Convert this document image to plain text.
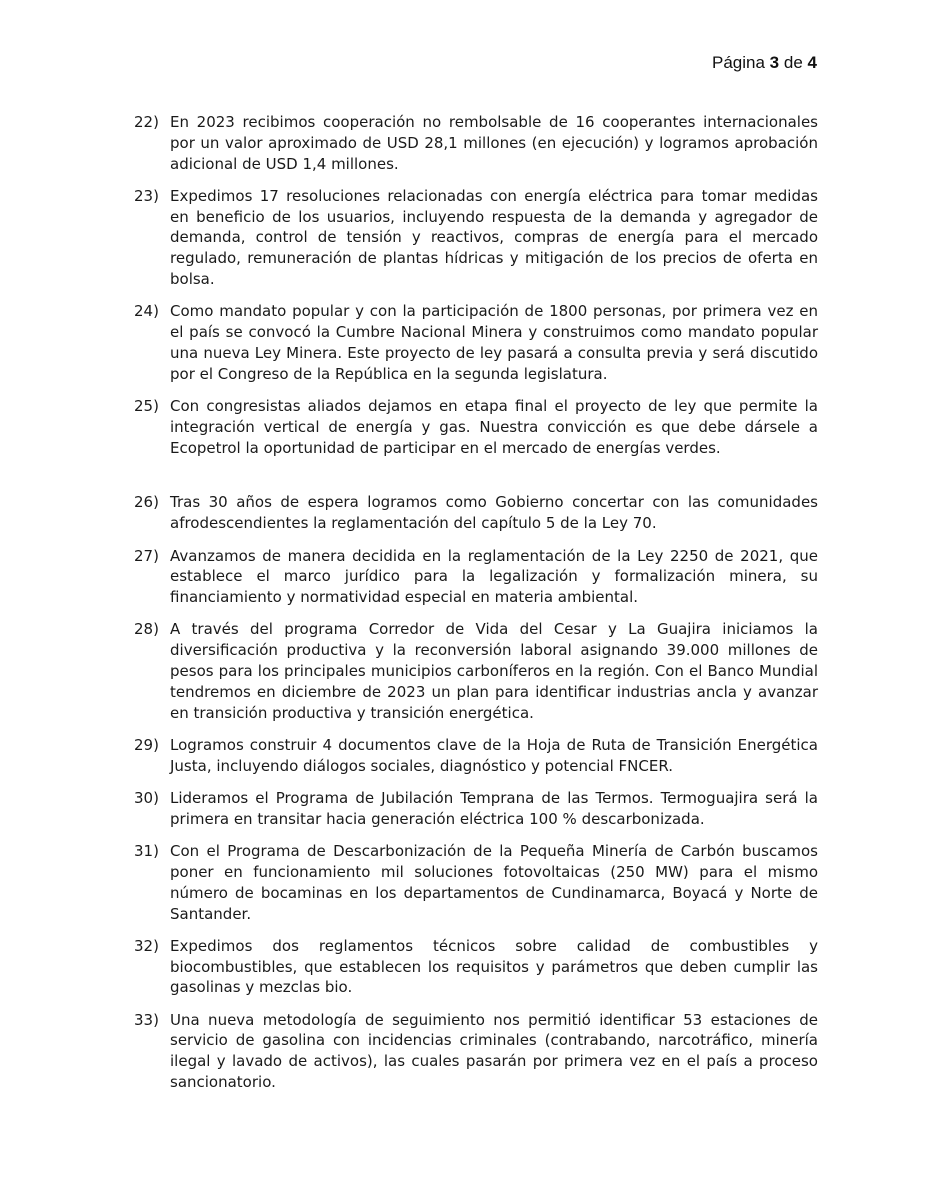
Página 3 de 4
22) En 2023 recibimos cooperación no rembolsable de 16 cooperantes internacionales por un valor aproximado de USD 28,1 millones (en ejecución) y logramos aprobación adicional de USD 1,4 millones.
23) Expedimos 17 resoluciones relacionadas con energía eléctrica para tomar medidas en beneficio de los usuarios, incluyendo respuesta de la demanda y agregador de demanda, control de tensión y reactivos, compras de energía para el mercado regulado, remuneración de plantas hídricas y mitigación de los precios de oferta en bolsa.
24) Como mandato popular y con la participación de 1800 personas, por primera vez en el país se convocó la Cumbre Nacional Minera y construimos como mandato popular una nueva Ley Minera. Este proyecto de ley pasará a consulta previa y será discutido por el Congreso de la República en la segunda legislatura.
25) Con congresistas aliados dejamos en etapa final el proyecto de ley que permite la integración vertical de energía y gas. Nuestra convicción es que debe dársele a Ecopetrol la oportunidad de participar en el mercado de energías verdes.
26) Tras 30 años de espera logramos como Gobierno concertar con las comunidades afrodescendientes la reglamentación del capítulo 5 de la Ley 70.
27) Avanzamos de manera decidida en la reglamentación de la Ley 2250 de 2021, que establece el marco jurídico para la legalización y formalización minera, su financiamiento y normatividad especial en materia ambiental.
28) A través del programa Corredor de Vida del Cesar y La Guajira iniciamos la diversificación productiva y la reconversión laboral asignando 39.000 millones de pesos para los principales municipios carboníferos en la región. Con el Banco Mundial tendremos en diciembre de 2023 un plan para identificar industrias ancla y avanzar en transición productiva y transición energética.
29) Logramos construir 4 documentos clave de la Hoja de Ruta de Transición Energética Justa, incluyendo diálogos sociales, diagnóstico y potencial FNCER.
30) Lideramos el Programa de Jubilación Temprana de las Termos. Termoguajira será la primera en transitar hacia generación eléctrica 100 % descarbonizada.
31) Con el Programa de Descarbonización de la Pequeña Minería de Carbón buscamos poner en funcionamiento mil soluciones fotovoltaicas (250 MW) para el mismo número de bocaminas en los departamentos de Cundinamarca, Boyacá y Norte de Santander.
32) Expedimos dos reglamentos técnicos sobre calidad de combustibles y biocombustibles, que establecen los requisitos y parámetros que deben cumplir las gasolinas y mezclas bio.
33) Una nueva metodología de seguimiento nos permitió identificar 53 estaciones de servicio de gasolina con incidencias criminales (contrabando, narcotráfico, minería ilegal y lavado de activos), las cuales pasarán por primera vez en el país a proceso sancionatorio.
